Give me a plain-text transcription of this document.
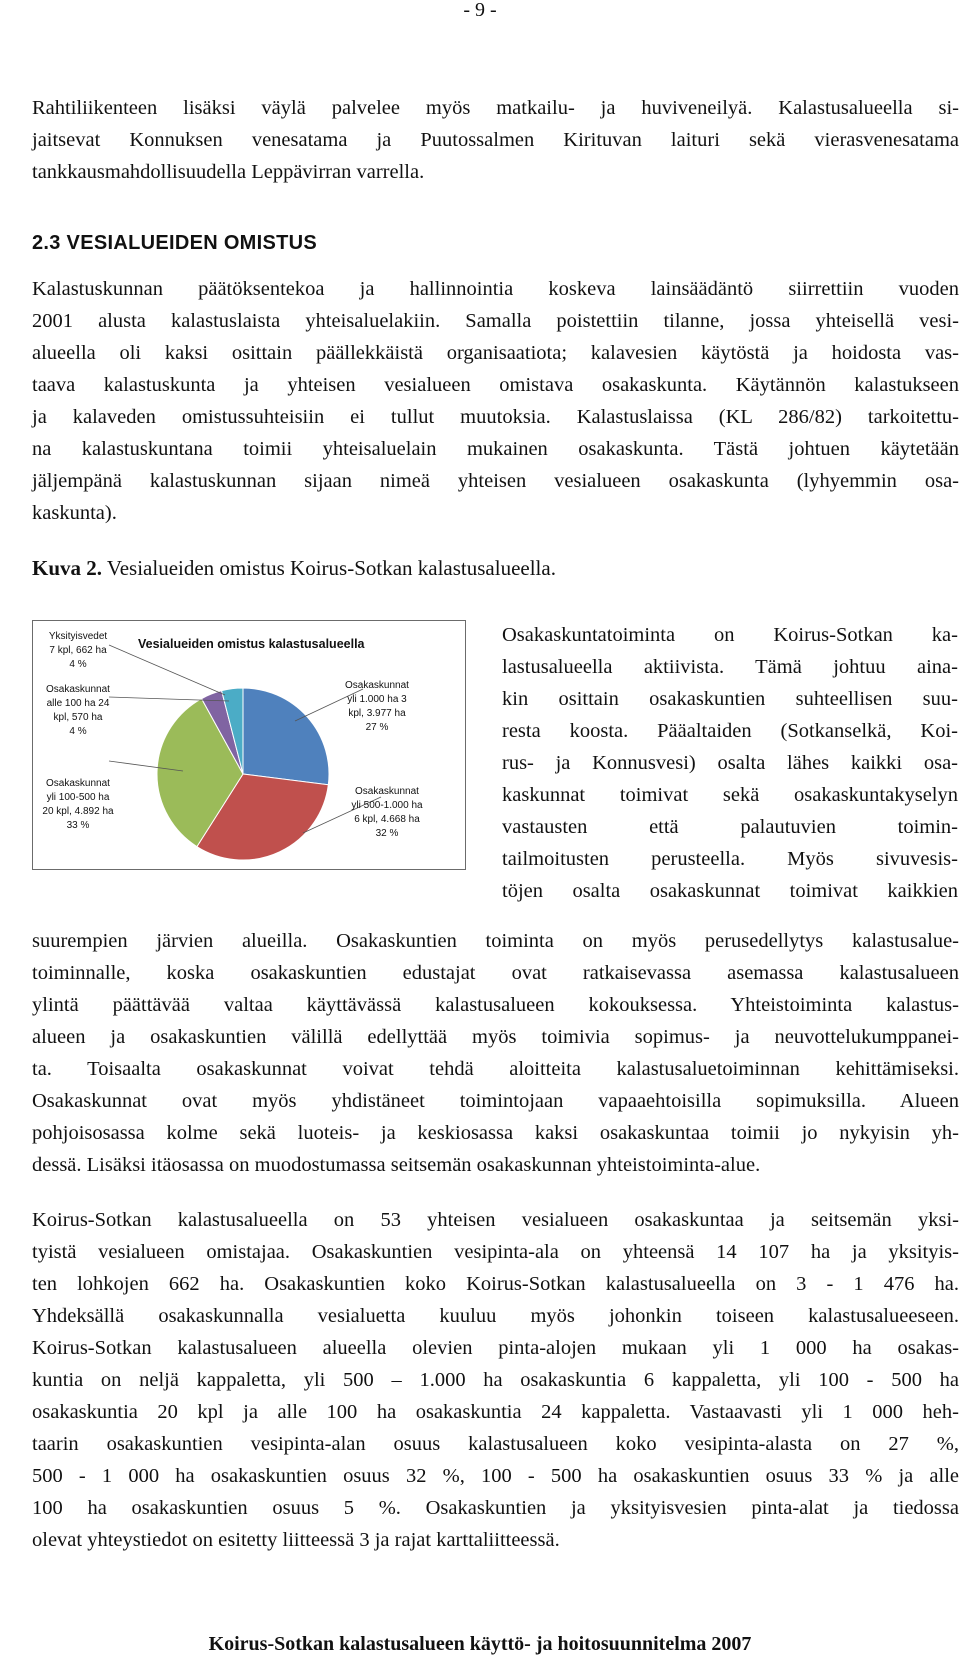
- 9 -
Rahtiliikenteen lisäksi väylä palvelee myös matkailu- ja huviveneilyä. Kalastusalueella si-
jaitsevat Konnuksen venesatama ja Puutossalmen Kirituvan laituri sekä vierasvenesatama
tankkausmahdollisuudella Leppävirran varrella.
2.3 VESIALUEIDEN OMISTUS
Kalastuskunnan päätöksentekoa ja hallinnointia koskeva lainsäädäntö siirrettiin vuoden
2001 alusta kalastuslaista yhteisaluelakiin. Samalla poistettiin tilanne, jossa yhteisellä vesi-
alueella oli kaksi osittain päällekkäistä organisaatiota; kalavesien käytöstä ja hoidosta vas-
taava kalastuskunta ja yhteisen vesialueen omistava osakaskunta. Käytännön kalastukseen
ja kalaveden omistussuhteisiin ei tullut muutoksia. Kalastuslaissa (KL 286/82) tarkoitettu-
na kalastuskuntana toimii yhteisaluelain mukainen osakaskunta. Tästä johtuen käytetään
jäljempänä kalastuskunnan sijaan nimeä yhteisen vesialueen osakaskunta (lyhyemmin osa-
kaskunta).
Kuva 2. Vesialueiden omistus Koirus-Sotkan kalastusalueella.
Vesialueiden omistus kalastusalueella
Yksityisvedet
7 kpl, 662 ha
4 %
Osakaskunnat
alle 100 ha 24
kpl, 570 ha
4 %
Osakaskunnat
yli 100-500 ha
20 kpl, 4.892 ha
33 %
Osakaskunnat
yli 1.000 ha 3
kpl, 3.977 ha
27 %
Osakaskunnat
yli 500-1.000 ha
6 kpl, 4.668 ha
32 %
Osakaskuntatoiminta on Koirus-Sotkan ka-
lastusalueella aktiivista. Tämä johtuu aina-
kin osittain osakaskuntien suhteellisen suu-
resta koosta. Pääaltaiden (Sotkanselkä, Koi-
rus- ja Konnusvesi) osalta lähes kaikki osa-
kaskunnat toimivat sekä osakaskuntakyselyn
vastausten että palautuvien toimin-
tailmoitusten perusteella. Myös sivuvesis-
töjen osalta osakaskunnat toimivat kaikkien
suurempien järvien alueilla. Osakaskuntien toiminta on myös perusedellytys kalastusalue-
toiminnalle, koska osakaskuntien edustajat ovat ratkaisevassa asemassa kalastusalueen
ylintä päättävää valtaa käyttävässä kalastusalueen kokouksessa. Yhteistoiminta kalastus-
alueen ja osakaskuntien välillä edellyttää myös toimivia sopimus- ja neuvottelukumppanei-
ta. Toisaalta osakaskunnat voivat tehdä aloitteita kalastusaluetoiminnan kehittämiseksi.
Osakaskunnat ovat myös yhdistäneet toimintojaan vapaaehtoisilla sopimuksilla. Alueen
pohjoisosassa kolme sekä luoteis- ja keskiosassa kaksi osakaskuntaa toimii jo nykyisin yh-
dessä. Lisäksi itäosassa on muodostumassa seitsemän osakaskunnan yhteistoiminta-alue.
Koirus-Sotkan kalastusalueella on 53 yhteisen vesialueen osakaskuntaa ja seitsemän yksi-
tyistä vesialueen omistajaa. Osakaskuntien vesipinta-ala on yhteensä 14 107 ha ja yksityis-
ten lohkojen 662 ha. Osakaskuntien koko Koirus-Sotkan kalastusalueella on 3 - 1 476 ha.
Yhdeksällä osakaskunnalla vesialuetta kuuluu myös johonkin toiseen kalastusalueeseen.
Koirus-Sotkan kalastusalueen alueella olevien pinta-alojen mukaan yli 1 000 ha osakas-
kuntia on neljä kappaletta, yli 500 – 1.000 ha osakaskuntia 6 kappaletta, yli 100 - 500 ha
osakaskuntia 20 kpl ja alle 100 ha osakaskuntia 24 kappaletta. Vastaavasti yli 1 000 heh-
taarin osakaskuntien vesipinta-alan osuus kalastusalueen koko vesipinta-alasta on 27 %,
500 - 1 000 ha osakaskuntien osuus 32 %, 100 - 500 ha osakaskuntien osuus 33 % ja alle
100 ha osakaskuntien osuus 5 %. Osakaskuntien ja yksityisvesien pinta-alat ja tiedossa
olevat yhteystiedot on esitetty liitteessä 3 ja rajat karttaliitteessä.
Koirus-Sotkan kalastusalueen käyttö- ja hoitosuunnitelma 2007
